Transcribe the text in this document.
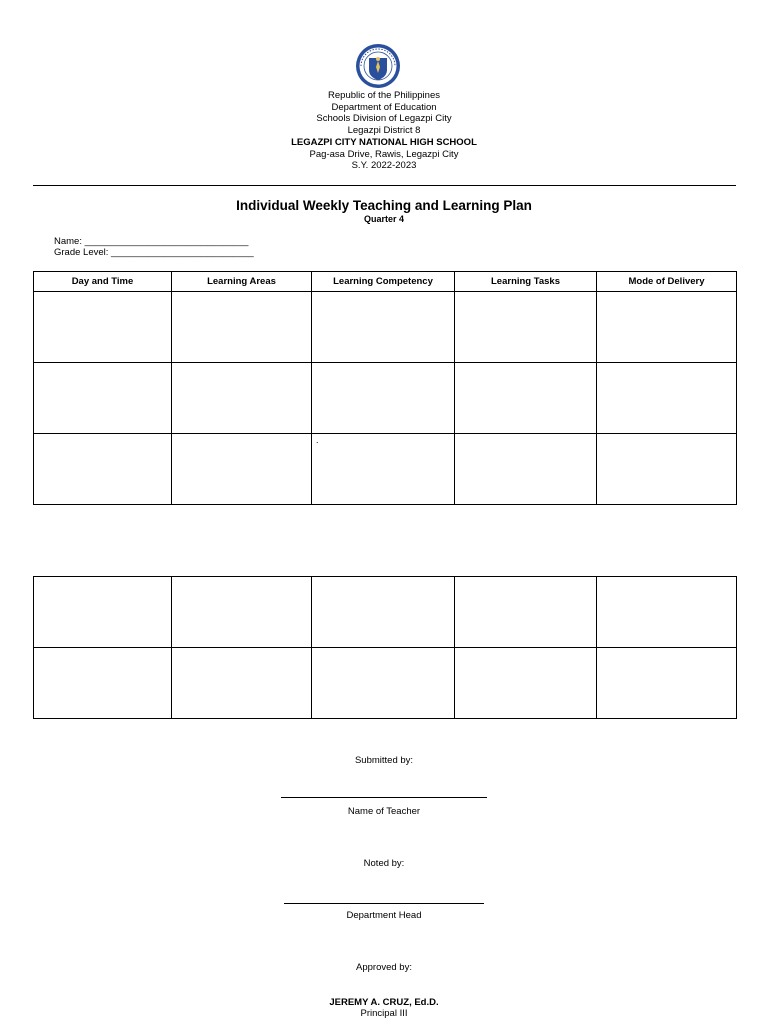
Republic of the Philippines
Department of Education
Schools Division of Legazpi City
Legazpi District 8
LEGAZPI CITY NATIONAL HIGH SCHOOL
Pag-asa Drive, Rawis, Legazpi City
S.Y. 2022-2023
Individual Weekly Teaching and Learning Plan
Quarter 4
Name: _______________________________
Grade Level: ___________________________
Day and Time	Learning Areas	Learning Competency	Learning Tasks	Mode of Delivery

		.		

Submitted by:
Name of Teacher
Noted by:
Department Head
Approved by:
JEREMY A. CRUZ, Ed.D.
Principal III
